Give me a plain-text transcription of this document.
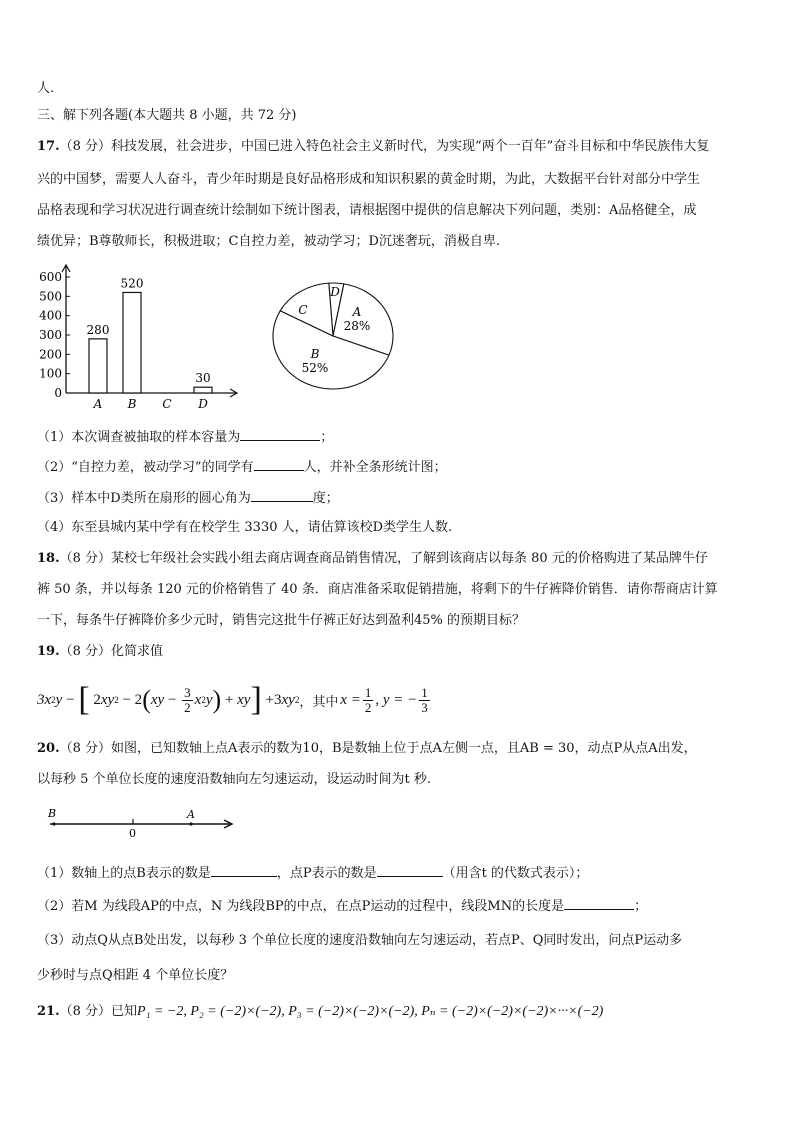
人.
三、解下列各题(本大题共 8 小题，共 72 分)
17.（8 分）科技发展，社会进步，中国已进入特色社会主义新时代，为实现“两个一百年”奋斗目标和中华民族伟大复
兴的中国梦，需要人人奋斗，青少年时期是良好品格形成和知识积累的黄金时期，为此，大数据平台针对部分中学生
品格表现和学习状况进行调查统计绘制如下统计图表，请根据图中提供的信息解决下列问题，类别：A品格健全，成
绩优异；B尊敬师长，积极进取；C自控力差，被动学习；D沉迷奢玩，消极自卑.
0
100
200
300
400
500
600
280
A
520
B C
30
D
D
A
28%
B
52%
C
（1）本次调查被抽取的样本容量为	；
（2）“自控力差，被动学习”的同学有	人，并补全条形统计图；
（3）样本中D类所在扇形的圆心角为	度；
（4）东至县城内某中学有在校学生 3330 人，请估算该校D类学生人数.
18.（8 分）某校七年级社会实践小组去商店调查商品销售情况，了解到该商店以每条 80 元的价格购进了某品牌牛仔
裤 50 条，并以每条 120 元的价格销售了 40 条．商店准备采取促销措施，将剩下的牛仔裤降价销售．请你帮商店计算
一下，每条牛仔裤降价多少元时，销售完这批牛仔裤正好达到盈利45% 的预期目标？
19.（8 分）化简求值
3x 2 y − [ 2 xy 2 − 2 ( xy − $\frac{3}{2}$ x 2 y ) + xy ] +3 xy 2 ，其中 $x = \frac{1}{2}$ , y = − $\frac{1}{3}$
20.（8 分）如图，已知数轴上点A表示的数为10，B是数轴上位于点A左侧一点，且AB = 30，动点P从点A出发，
以每秒 5 个单位长度的速度沿数轴向左匀速运动，设运动时间为t 秒.
B
0
A
（1）数轴上的点B表示的数是	，点P表示的数是	（用含t 的代数式表示）；
（2）若M 为线段AP的中点，N 为线段BP的中点，在点P运动的过程中，线段MN的长度是	；
（3）动点Q从点B处出发，以每秒 3 个单位长度的速度沿数轴向左匀速运动，若点P、Q同时发出，问点P运动多
少秒时与点Q相距 4 个单位长度？
21.（8 分）已知P₁ = −2, P₂ = (−2)×(−2), P₃ = (−2)×(−2)×(−2), Pₙ = (−2)×(−2)×(−2)×···×(−2)
